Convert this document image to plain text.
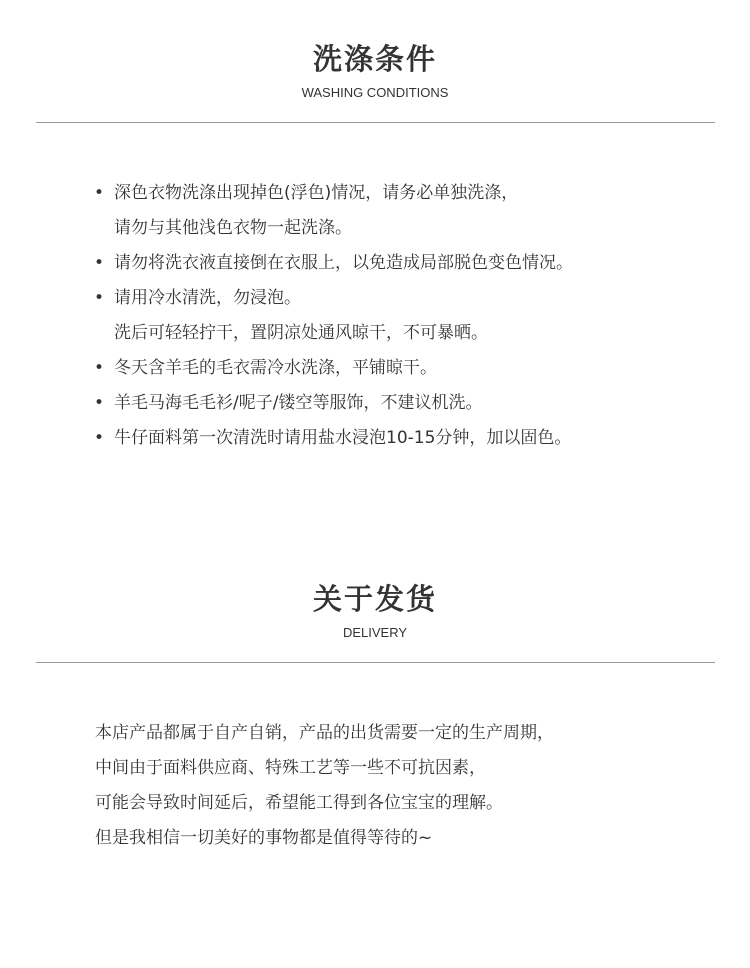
洗涤条件
WASHING CONDITIONS
• 深色衣物洗涤出现掉色(浮色)情况，请务必单独洗涤，
请勿与其他浅色衣物一起洗涤。
• 请勿将洗衣液直接倒在衣服上，以免造成局部脱色变色情况。
• 请用冷水清洗，勿浸泡。
洗后可轻轻拧干，置阴凉处通风晾干，不可暴晒。
• 冬天含羊毛的毛衣需冷水洗涤，平铺晾干。
• 羊毛马海毛毛衫/呢子/镂空等服饰，不建议机洗。
• 牛仔面料第一次清洗时请用盐水浸泡10-15分钟，加以固色。
关于发货
DELIVERY

本店产品都属于自产自销，产品的出货需要一定的生产周期，

中间由于面料供应商、特殊工艺等一些不可抗因素，

可能会导致时间延后，希望能工得到各位宝宝的理解。

但是我相信一切美好的事物都是值得等待的~
